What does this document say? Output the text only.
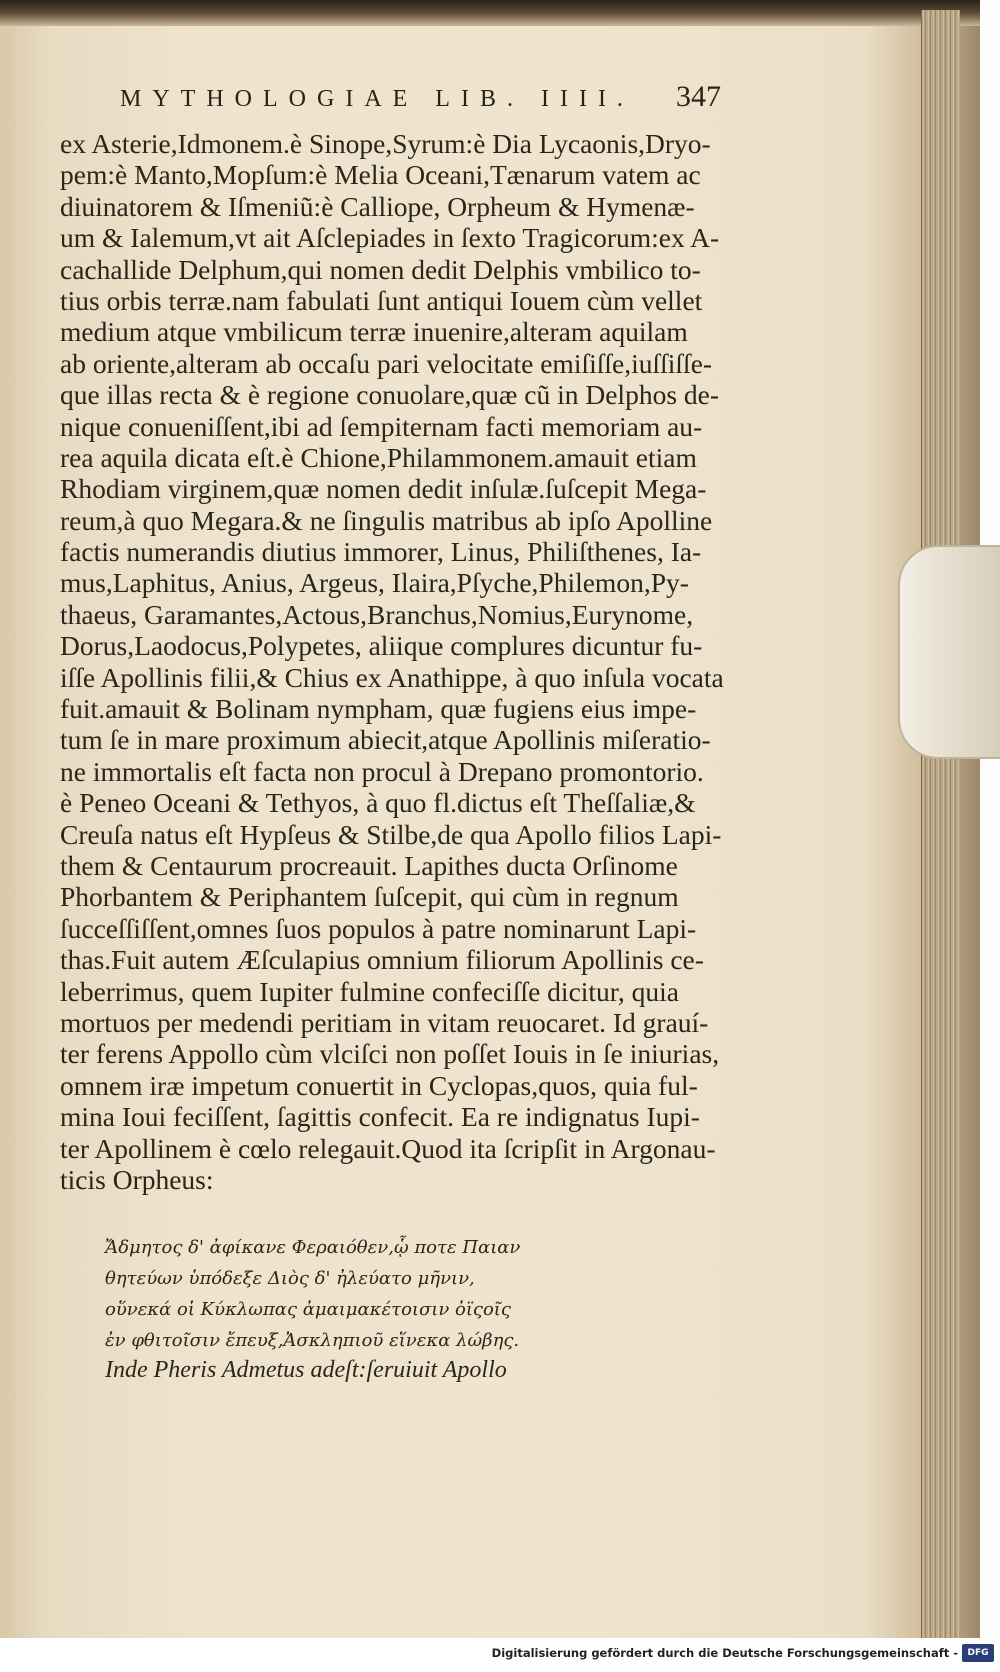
MYTHOLOGIAE LIB. IIII.	347
ex Asterie,Idmonem.è Sinope,Syrum:è Dia Lycaonis,Dryo-
pem:è Manto,Mopſum:è Melia Oceani,Tænarum vatem ac
diuinatorem & Iſmeniũ:è Calliope, Orpheum & Hymenæ-
um & Ialemum,vt ait Aſclepiades in ſexto Tragicorum:ex A-
cachallide Delphum,qui nomen dedit Delphis vmbilico to-
tius orbis terræ.nam fabulati ſunt antiqui Iouem cùm vellet
medium atque vmbilicum terræ inuenire,alteram aquilam
ab oriente,alteram ab occaſu pari velocitate emiſiſſe,iuſſiſſe-
que illas recta & è regione conuolare,quæ cũ in Delphos de-
nique conueniſſent,ibi ad ſempiternam facti memoriam au-
rea aquila dicata eſt.è Chione,Philammonem.amauit etiam
Rhodiam virginem,quæ nomen dedit inſulæ.ſuſcepit Mega-
reum,à quo Megara.& ne ſingulis matribus ab ipſo Apolline
factis numerandis diutius immorer, Linus, Philiſthenes, Ia-
mus,Laphitus, Anius, Argeus, Ilaira,Pſyche,Philemon,Py-
thaeus, Garamantes,Actous,Branchus,Nomius,Eurynome,
Dorus,Laodocus,Polypetes, aliique complures dicuntur fu-
iſſe Apollinis filii,& Chius ex Anathippe, à quo inſula vocata
fuit.amauit & Bolinam nympham, quæ fugiens eius impe-
tum ſe in mare proximum abiecit,atque Apollinis miſeratio-
ne immortalis eſt facta non procul à Drepano promontorio.
è Peneo Oceani & Tethyos, à quo fl.dictus eſt Theſſaliæ,&
Creuſa natus eſt Hypſeus & Stilbe,de qua Apollo filios Lapi-
them & Centaurum procreauit. Lapithes ducta Orſinome
Phorbantem & Periphantem ſuſcepit, qui cùm in regnum
ſucceſſiſſent,omnes ſuos populos à patre nominarunt Lapi-
thas.Fuit autem Æſculapius omnium filiorum Apollinis ce-
leberrimus, quem Iupiter fulmine confeciſſe dicitur, quia
mortuos per medendi peritiam in vitam reuocaret. Id grauí-
ter ferens Appollo cùm vlciſci non poſſet Iouis in ſe iniurias,
omnem iræ impetum conuertit in Cyclopas,quos, quia ful-
mina Ioui feciſſent, ſagittis confecit. Ea re indignatus Iupi-
ter Apollinem è cœlo relegauit.Quod ita ſcripſit in Argonau-
ticis Orpheus:
Ἄδμητος δ' ἀφίκανε Φεραιόθεν,ᾧ ποτε Παιαν
θητεύων ὑπόδεξε Διὸς δ' ἠλεύατο μῆνιν,
οὕνεκά οἱ Κύκλωπας ἀμαιμακέτοισιν ὀϊςοῖς
ἐν φθιτοῖσιν ἔπευξ,Ἀσκληπιοῦ εἵνεκα λώβης.
Inde Pheris Admetus adeſt:ſeruiuit Apollo
Digitalisierung gefördert durch die Deutsche Forschungsgemeinschaft -	DFG
